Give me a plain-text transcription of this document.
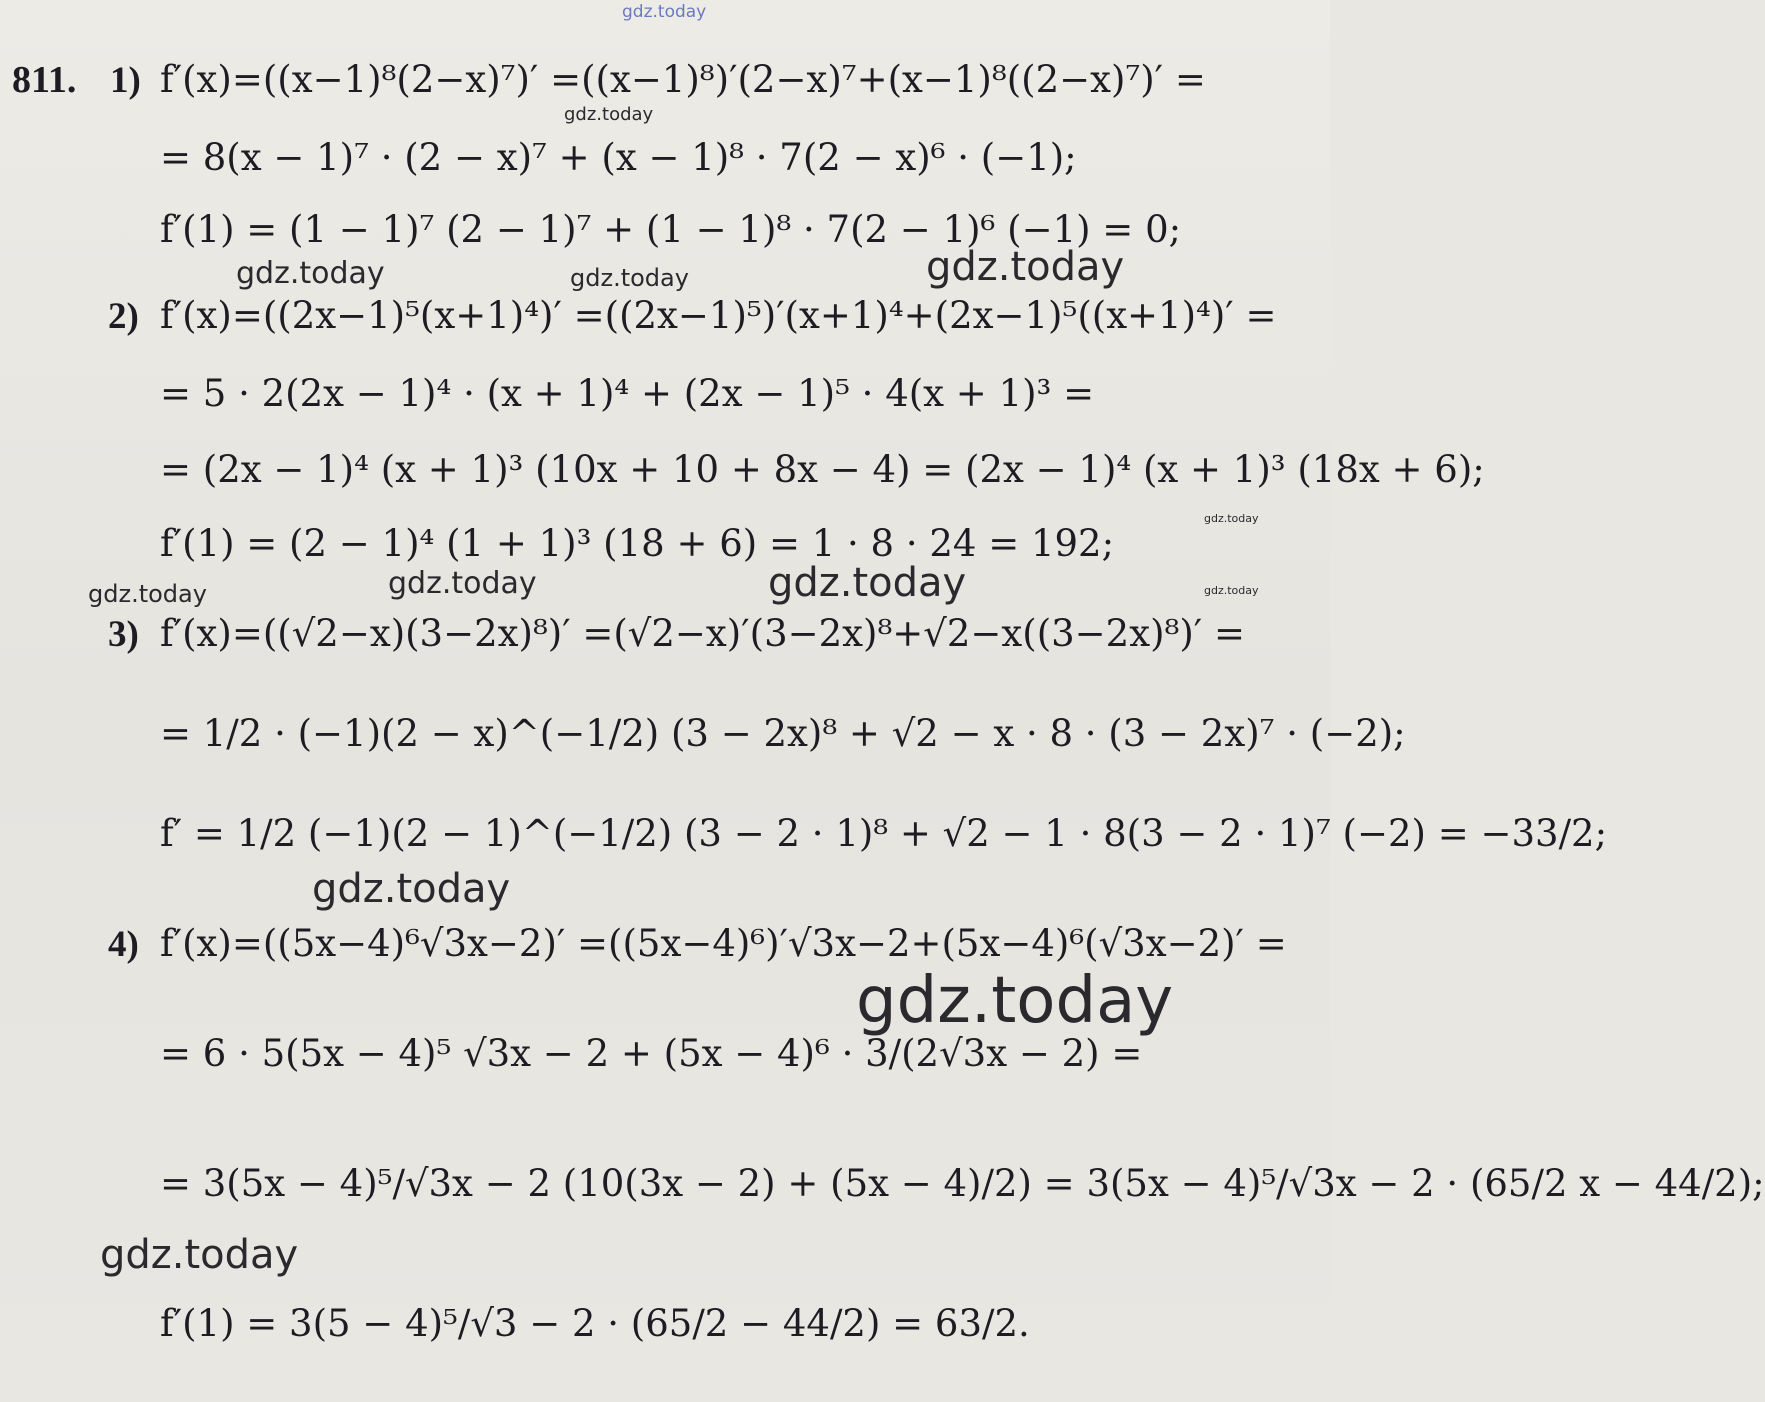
811. 1) f′(x)=((x−1)⁸(2−x)⁷)′ =((x−1)⁸)′(2−x)⁷+(x−1)⁸((2−x)⁷)′ =
= 8(x − 1)⁷ · (2 − x)⁷ + (x − 1)⁸ · 7(2 − x)⁶ · (−1);
f′(1) = (1 − 1)⁷ (2 − 1)⁷ + (1 − 1)⁸ · 7(2 − 1)⁶ (−1) = 0;
2) f′(x)=((2x−1)⁵(x+1)⁴)′ =((2x−1)⁵)′(x+1)⁴+(2x−1)⁵((x+1)⁴)′ =
= 5 · 2(2x − 1)⁴ · (x + 1)⁴ + (2x − 1)⁵ · 4(x + 1)³ =
= (2x − 1)⁴ (x + 1)³ (10x + 10 + 8x − 4) = (2x − 1)⁴ (x + 1)³ (18x + 6);
f′(1) = (2 − 1)⁴ (1 + 1)³ (18 + 6) = 1 · 8 · 24 = 192;
3) f′(x)=((√2−x)(3−2x)⁸)′ =(√2−x)′(3−2x)⁸+√2−x((3−2x)⁸)′ =
= 1/2 · (−1)(2 − x)^(−1/2) (3 − 2x)⁸ + √2 − x · 8 · (3 − 2x)⁷ · (−2);
f′ = 1/2 (−1)(2 − 1)^(−1/2) (3 − 2 · 1)⁸ + √2 − 1 · 8(3 − 2 · 1)⁷ (−2) = −33/2;
4) f′(x)=((5x−4)⁶√3x−2)′ =((5x−4)⁶)′√3x−2+(5x−4)⁶(√3x−2)′ =
= 6 · 5(5x − 4)⁵ √3x − 2 + (5x − 4)⁶ · 3/(2√3x − 2) =
= 3(5x − 4)⁵/√3x − 2 (10(3x − 2) + (5x − 4)/2) = 3(5x − 4)⁵/√3x − 2 · (65/2 x − 44/2);
f′(1) = 3(5 − 4)⁵/√3 − 2 · (65/2 − 44/2) = 63/2.
gdz.today
gdz.today
gdz.today	gdz.today	gdz.today
gdz.today
gdz.today	gdz.today	gdz.today	gdz.today
gdz.today
gdz.today
gdz.today
